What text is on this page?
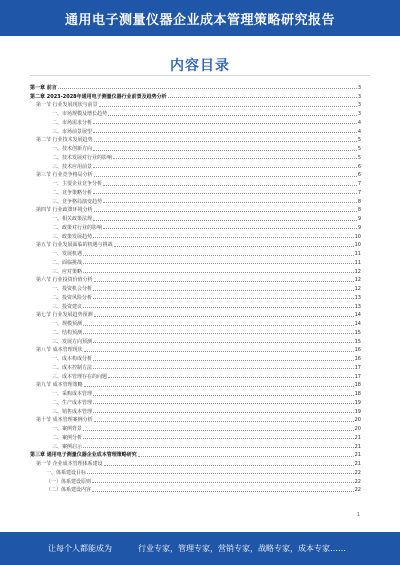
通用电子测量仪器企业成本管理策略研究报告
内容目录
第一章 前言	3
第二章 2023-2028年通用电子测量仪器行业前景及趋势分析	3
第一节 行业发展现状与前景	3
一、市场规模及增长趋势	3
二、市场需求分析	4
三、市场前景展望	4
第二节 行业技术发展趋势	5
一、技术创新方向	5
二、技术发展对行业的影响	5
三、技术应用前景	6
第三节 行业竞争格局分析	6
一、主要企业竞争分析	7
二、竞争策略分析	7
三、竞争格局演变趋势	8
第四节 行业政策环境分析	8
一、相关政策法规	9
二、政策对行业的影响	9
三、政策发展趋势	10
第五节 行业发展面临的机遇与挑战	10
一、发展机遇	11
二、面临挑战	11
三、应对策略	12
第六节 行业投资价值分析	12
一、投资机会分析	12
二、投资风险分析	13
三、投资建议	13
第七节 行业发展趋势预测	14
一、规模预测	14
二、结构预测	15
三、发展方向预测	15
第八节 成本管理现状	16
一、成本构成分析	16
二、成本控制方法	17
三、成本管理存在的问题	17
第九节 成本管理策略	18
一、采购成本管理	18
二、生产成本管理	19
三、销售成本管理	19
第十节 成本管理案例分析	20
一、案例背景	20
二、案例分析	21
三、案例启示	21
第三章 通用电子测量仪器企业成本管理策略研究	21
第一节 企业成本管理体系建设	21
一、体系建设目标	22
（一）体系建设原则	22
（二）体系建设内容	22
1
让每个人都能成为	行业专家，管理专家，营销专家，战略专家，成本专家……
